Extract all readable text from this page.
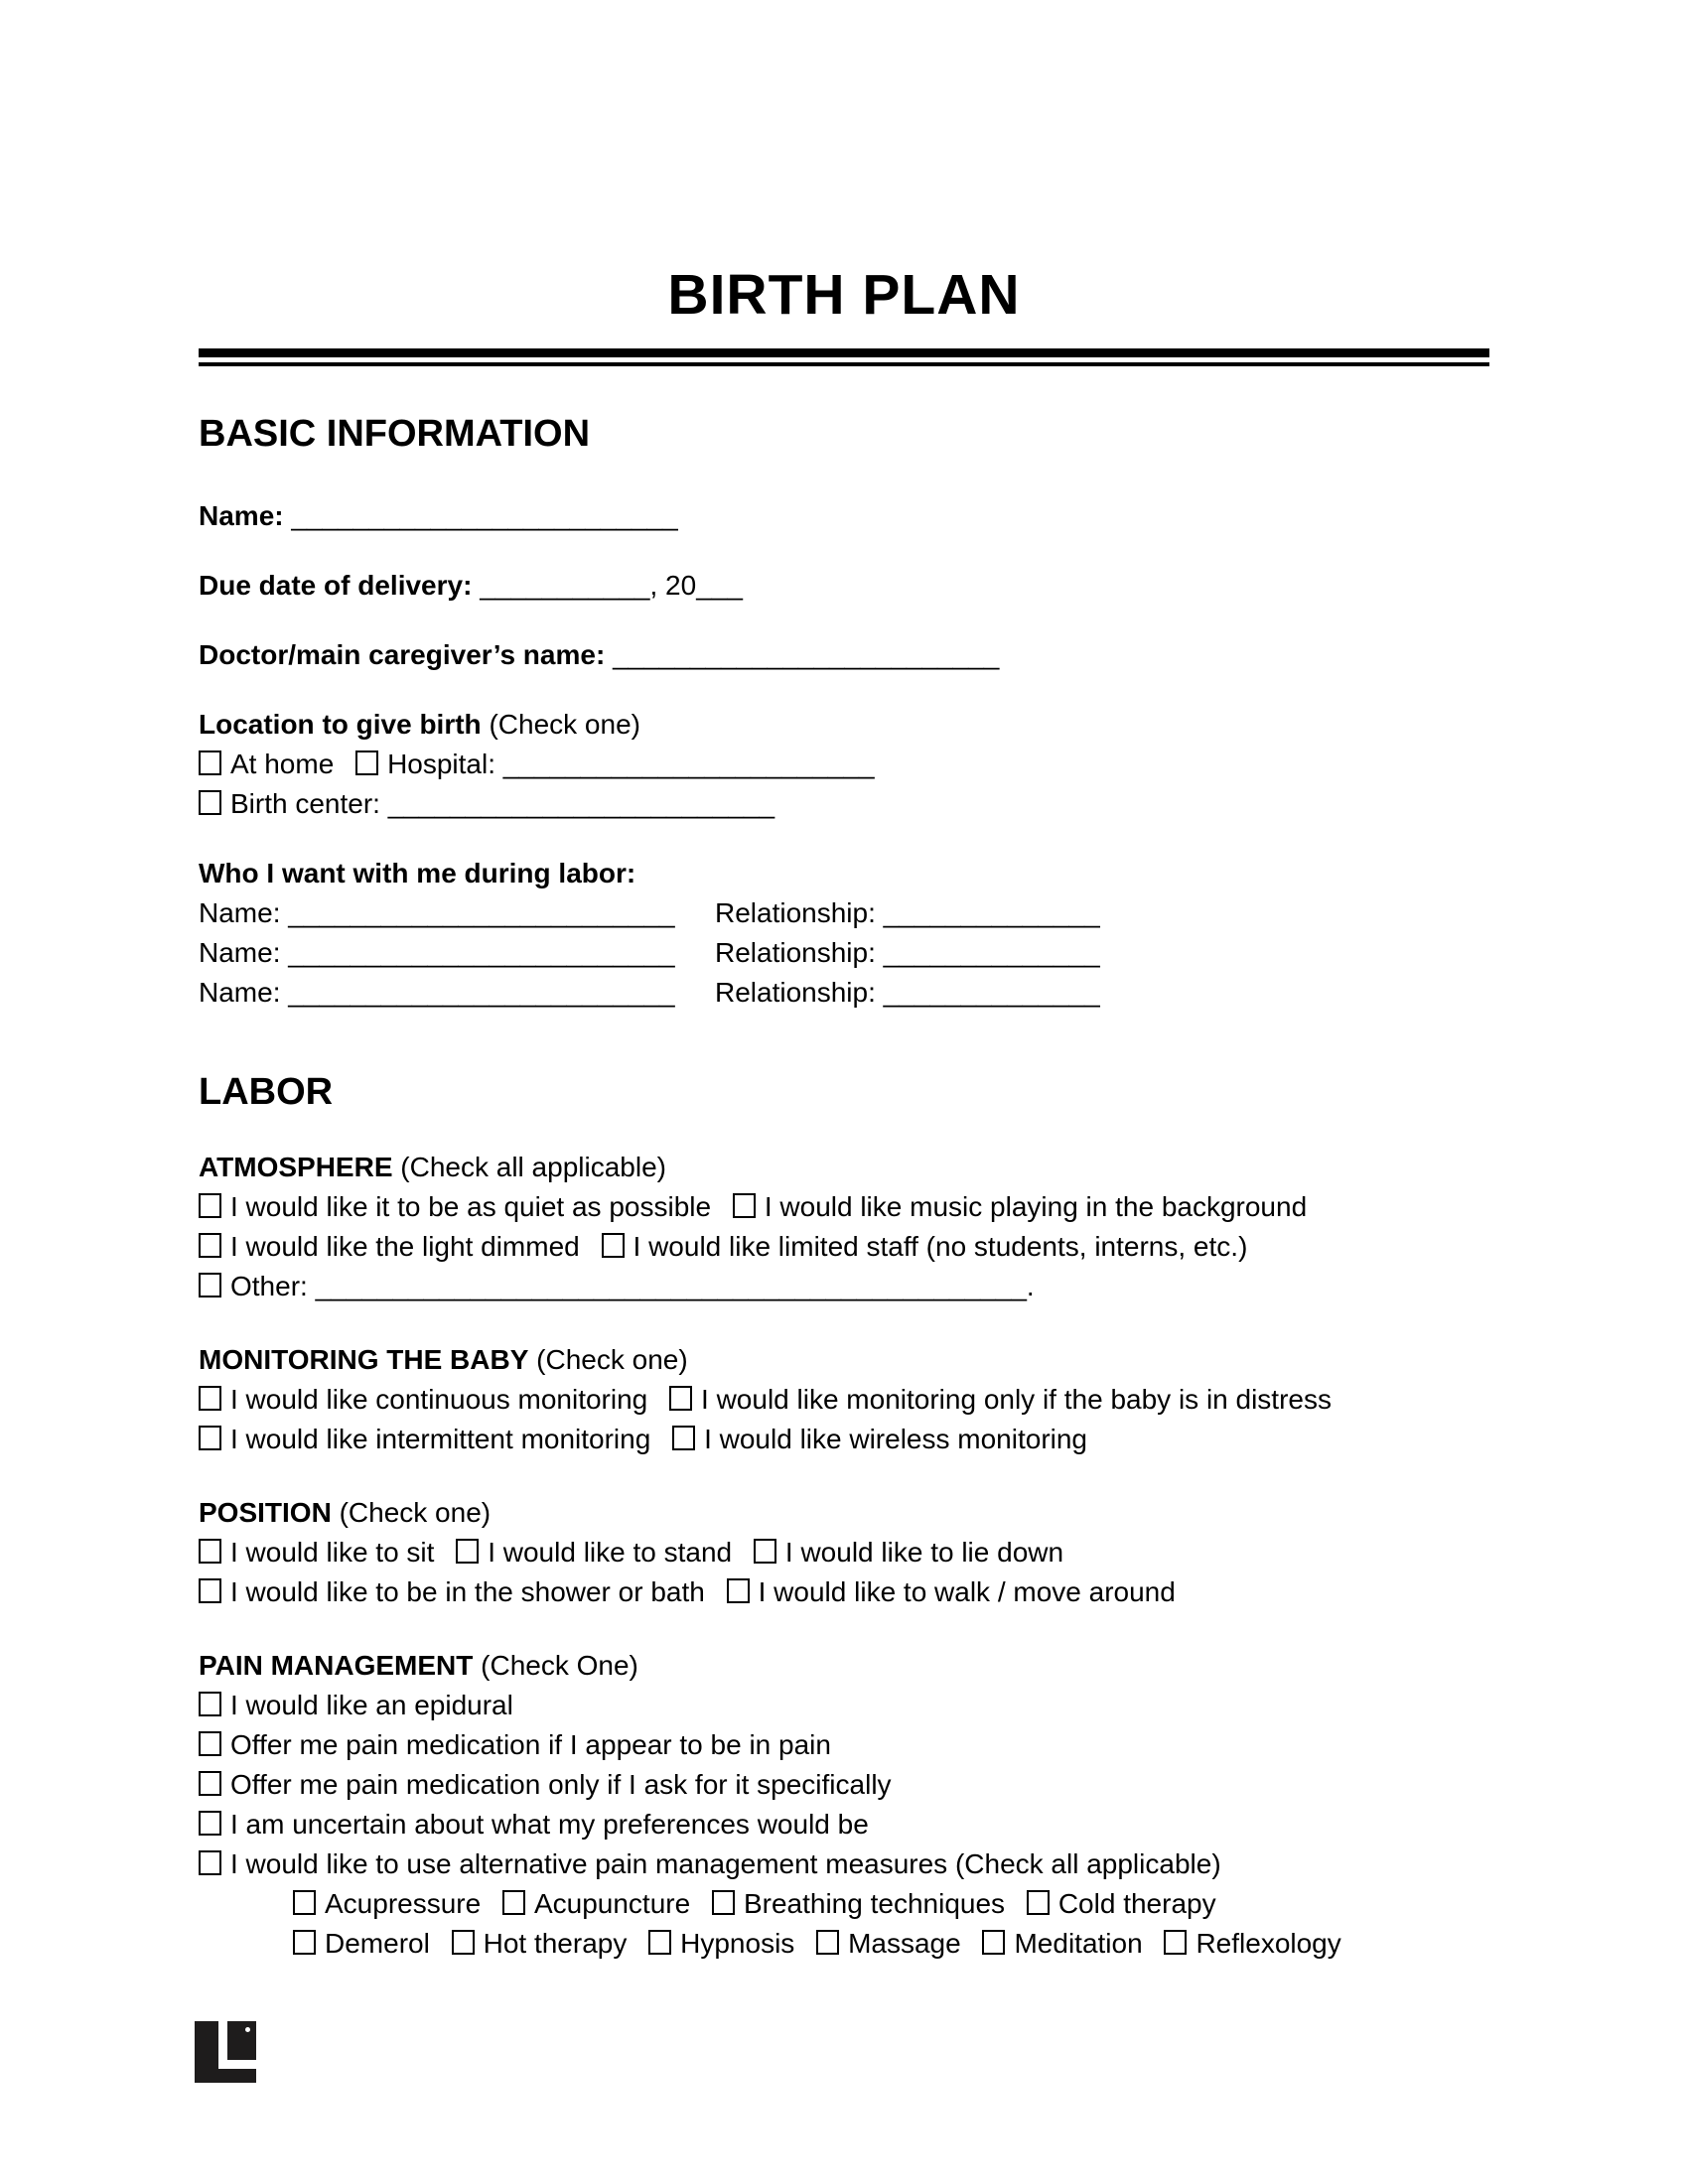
BIRTH PLAN
BASIC INFORMATION
Name: _________________________
Due date of delivery: ___________, 20___
Doctor/main caregiver’s name: _________________________
Location to give birth (Check one)
At home Hospital: ________________________
Birth center: _________________________
Who I want with me during labor:
Name: _________________________	Relationship: ______________
Name: _________________________	Relationship: ______________
Name: _________________________	Relationship: ______________
LABOR
ATMOSPHERE (Check all applicable)
I would like it to be as quiet as possible I would like music playing in the background
I would like the light dimmed I would like limited staff (no students, interns, etc.)
Other: ______________________________________________.
MONITORING THE BABY (Check one)
I would like continuous monitoring I would like monitoring only if the baby is in distress
I would like intermittent monitoring I would like wireless monitoring
POSITION (Check one)
I would like to sit I would like to stand I would like to lie down
I would like to be in the shower or bath I would like to walk / move around
PAIN MANAGEMENT (Check One)
I would like an epidural
Offer me pain medication if I appear to be in pain
Offer me pain medication only if I ask for it specifically
I am uncertain about what my preferences would be
I would like to use alternative pain management measures (Check all applicable)
Acupressure Acupuncture Breathing techniques Cold therapy
Demerol Hot therapy Hypnosis Massage Meditation Reflexology
